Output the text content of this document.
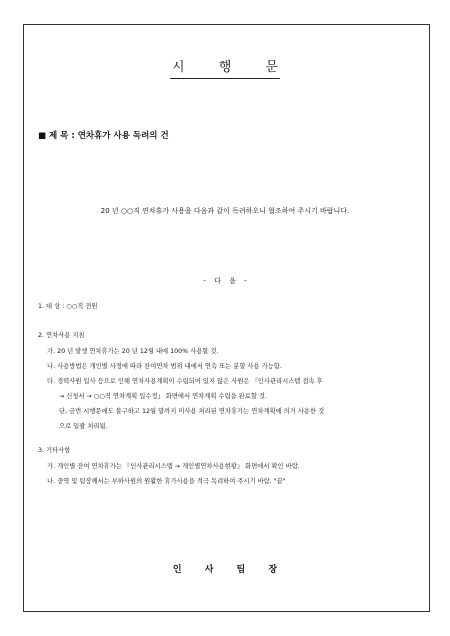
시 행 문
■ 제 목 : 연차휴가 사용 독려의 건
20 년 ○○직 연차휴가 사용을 다음과 같이 독려하오니 협조하여 주시기 바랍니다.
- 다 음 -
1. 대 상 : ○○직 전원
2. 연차사용 지침
가. 20 년 발생 연차휴가는 20 년 12월 내에 100% 사용할 것.
나. 사용방법은 개인별 사정에 따라 잔여연차 범위 내에서 연속 또는 분할 사용 가능함.
다. 경력사원 입사 등으로 인해 연차사용계획이 수립되어 있지 않은 사원은 『인사관리시스템 접속 후
→ 신청서 → ○○직 연차계획 입수정』 화면에서 연차계획 수립을 완료할 것.
단, 금번 시행문에도 불구하고 12월 말까지 미사용 처리된 연차휴가는 연차계획에 의거 사용한 것
으로 일괄 처리됨.
3. 기타사항
가. 개인별 잔여 연차휴가는 『인사관리시스템 → 개인별연차사용현황』 화면에서 확인 바람.
나. 중역 및 팀장께서는 부하사원의 원활한 휴가사용을 적극 독려하여 주시기 바람. "끝"
인 사 팀 장
